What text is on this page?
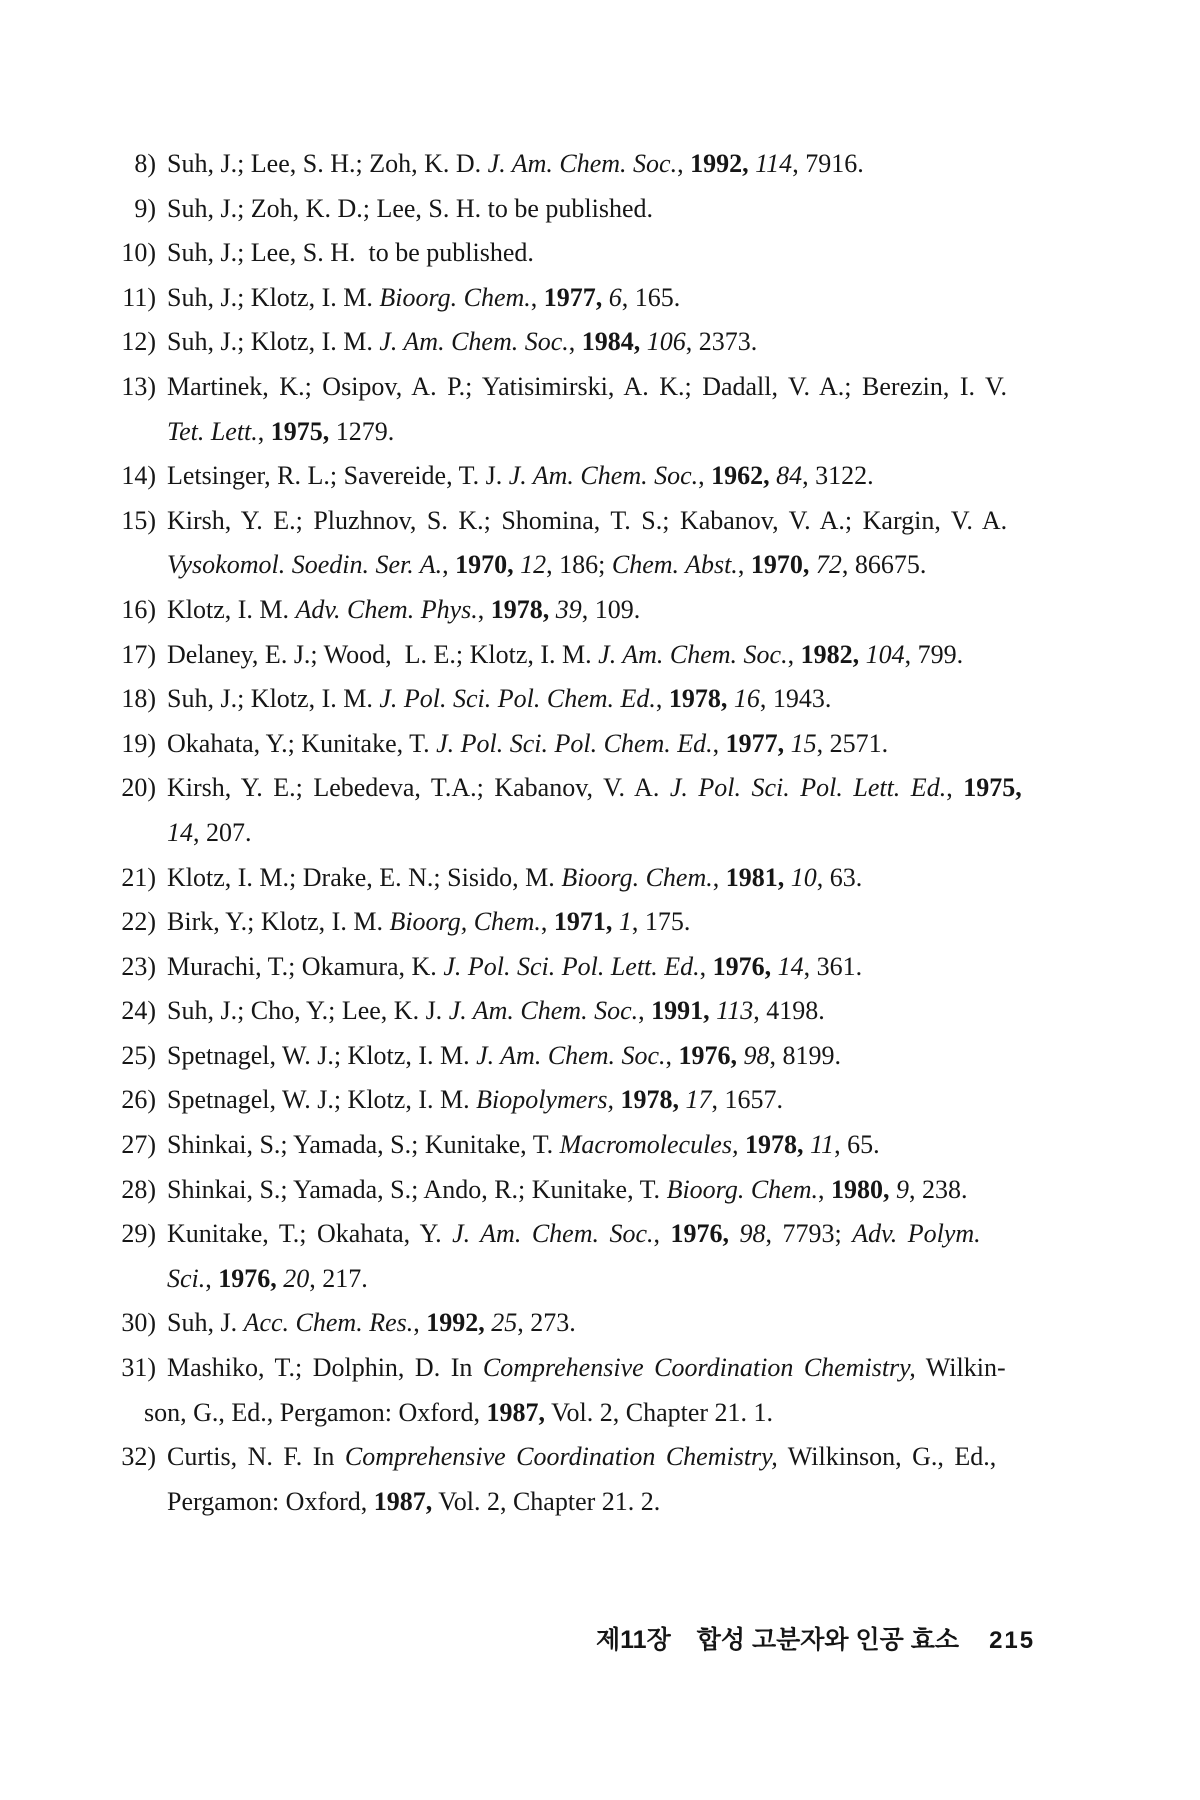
8) Suh, J.; Lee, S. H.; Zoh, K. D. J. Am. Chem. Soc., 1992, 114, 7916.
9) Suh, J.; Zoh, K. D.; Lee, S. H. to be published.
10) Suh, J.; Lee, S. H.  to be published.
11) Suh, J.; Klotz, I. M. Bioorg. Chem., 1977, 6, 165.
12) Suh, J.; Klotz, I. M. J. Am. Chem. Soc., 1984, 106, 2373.
13) Martinek, K.; Osipov, A. P.; Yatisimirski, A. K.; Dadall, V. A.; Berezin, I. V.
Tet. Lett., 1975, 1279.
14) Letsinger, R. L.; Savereide, T. J. J. Am. Chem. Soc., 1962, 84, 3122.
15) Kirsh, Y. E.; Pluzhnov, S. K.; Shomina, T. S.; Kabanov, V. A.; Kargin, V. A.
Vysokomol. Soedin. Ser. A., 1970, 12, 186; Chem. Abst., 1970, 72, 86675.
16) Klotz, I. M. Adv. Chem. Phys., 1978, 39, 109.
17) Delaney, E. J.; Wood,  L. E.; Klotz, I. M. J. Am. Chem. Soc., 1982, 104, 799.
18) Suh, J.; Klotz, I. M. J. Pol. Sci. Pol. Chem. Ed., 1978, 16, 1943.
19) Okahata, Y.; Kunitake, T. J. Pol. Sci. Pol. Chem. Ed., 1977, 15, 2571.
20) Kirsh, Y. E.; Lebedeva, T.A.; Kabanov, V. A. J. Pol. Sci. Pol. Lett. Ed., 1975,
14, 207.
21) Klotz, I. M.; Drake, E. N.; Sisido, M. Bioorg. Chem., 1981, 10, 63.
22) Birk, Y.; Klotz, I. M. Bioorg, Chem., 1971, 1, 175.
23) Murachi, T.; Okamura, K. J. Pol. Sci. Pol. Lett. Ed., 1976, 14, 361.
24) Suh, J.; Cho, Y.; Lee, K. J. J. Am. Chem. Soc., 1991, 113, 4198.
25) Spetnagel, W. J.; Klotz, I. M. J. Am. Chem. Soc., 1976, 98, 8199.
26) Spetnagel, W. J.; Klotz, I. M. Biopolymers, 1978, 17, 1657.
27) Shinkai, S.; Yamada, S.; Kunitake, T. Macromolecules, 1978, 11, 65.
28) Shinkai, S.; Yamada, S.; Ando, R.; Kunitake, T. Bioorg. Chem., 1980, 9, 238.
29) Kunitake, T.; Okahata, Y. J. Am. Chem. Soc., 1976, 98, 7793; Adv. Polym.
Sci., 1976, 20, 217.
30) Suh, J. Acc. Chem. Res., 1992, 25, 273.
31) Mashiko, T.; Dolphin, D. In Comprehensive Coordination Chemistry, Wilkin-
son, G., Ed., Pergamon: Oxford, 1987, Vol. 2, Chapter 21. 1.
32) Curtis, N. F. In Comprehensive Coordination Chemistry, Wilkinson, G., Ed.,
Pergamon: Oxford, 1987, Vol. 2, Chapter 21. 2.
제11장 합성 고분자와 인공 효소 215
